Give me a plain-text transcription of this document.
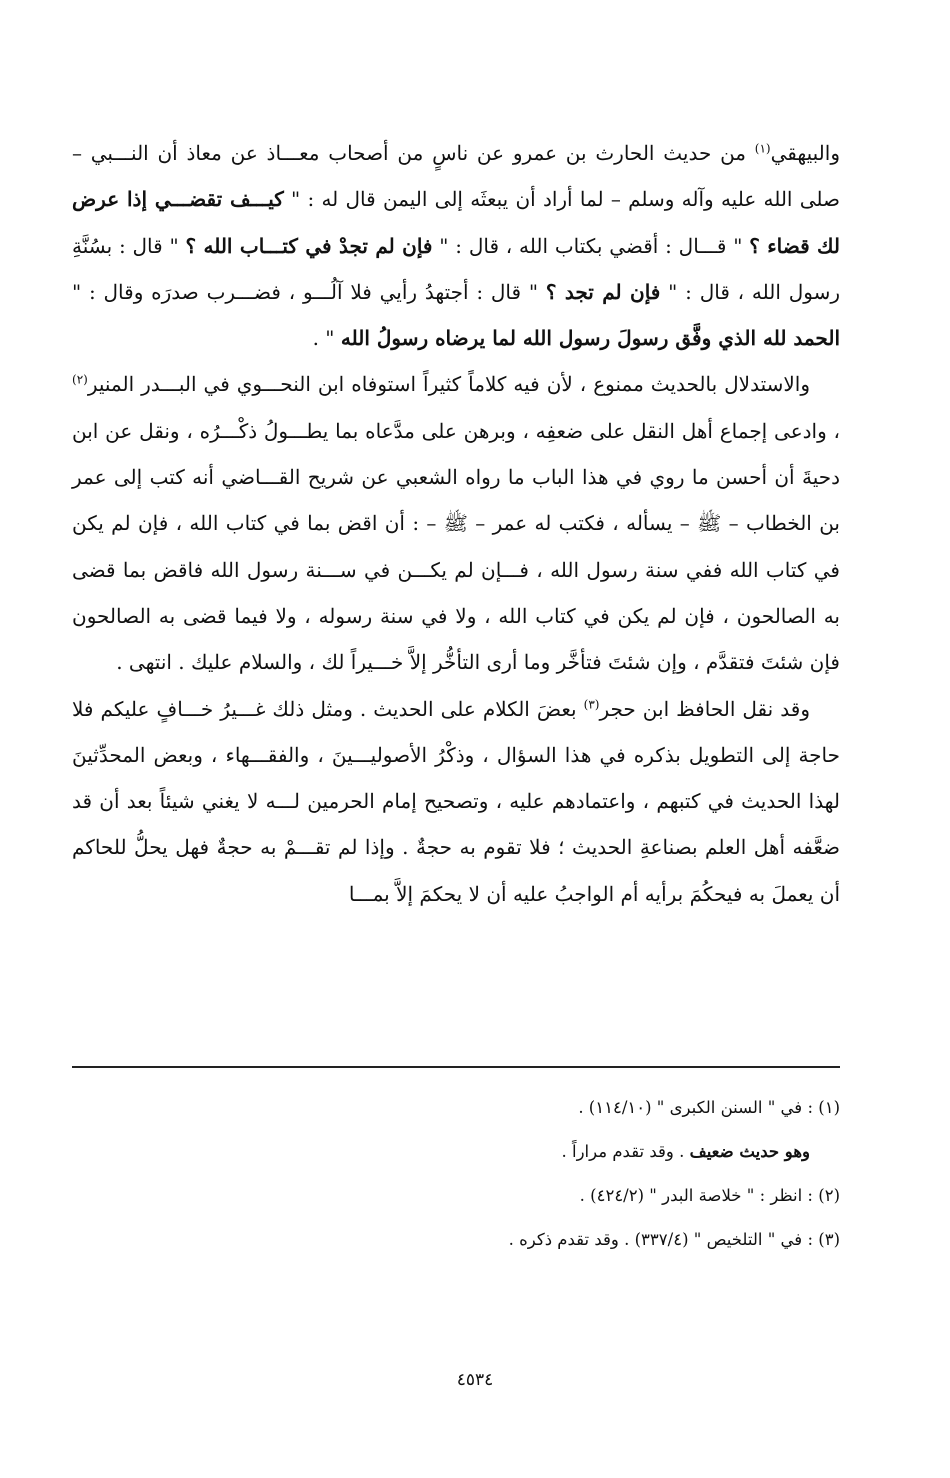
والبيهقي$^{(١)}$ من حديث الحارث بن عمرو عن ناسٍ من أصحاب معـــاذ عن معاذ أن النـــبي – صلى الله عليه وآله وسلم – لما أراد أن يبعثَه إلى اليمن قال له : " كيـــف تقضـــي إذا عرض لك قضاء ؟ " قـــال : أقضي بكتاب الله ، قال : " فإن لم تجدْ في كتـــاب الله ؟ " قال : بسُنَّةِ رسول الله ، قال : " فإن لم تجد ؟ " قال : أجتهدُ رأيي فلا آلُـــو ، فضـــرب صدرَه وقال : " الحمد لله الذي وفَّق رسولَ رسول الله لما يرضاه رسولُ الله " .

والاستدلال بالحديث ممنوع ، لأن فيه كلاماً كثيراً استوفاه ابن النحـــوي في البـــدر المنير$^{(٢)}$ ، وادعى إجماع أهل النقل على ضعفِه ، وبرهن على مدَّعاه بما يطـــولُ ذكْـــرُه ، ونقل عن ابن دحيةَ أن أحسن ما روي في هذا الباب ما رواه الشعبي عن شريح القـــاضي أنه كتب إلى عمر بن الخطاب – ﷺ – يسأله ، فكتب له عمر – ﷺ – : أن اقض بما في كتاب الله ، فإن لم يكن في كتاب الله ففي سنة رسول الله ، فـــإن لم يكـــن في ســـنة رسول الله فاقض بما قضى به الصالحون ، فإن لم يكن في كتاب الله ، ولا في سنة رسوله ، ولا فيما قضى به الصالحون فإن شئتَ فتقدَّم ، وإن شئتَ فتأخَّر وما أرى التأخُّر إلاَّ خـــيراً لك ، والسلام عليك . انتهى .

وقد نقل الحافظ ابن حجر$^{(٣)}$ بعضَ الكلام على الحديث . ومثل ذلك غـــيرُ خـــافٍ عليكم فلا حاجة إلى التطويل بذكره في هذا السؤال ، وذكْرُ الأصوليـــينَ ، والفقـــهاء ، وبعض المحدِّثينَ لهذا الحديث في كتبهم ، واعتمادهم عليه ، وتصحيح إمام الحرمين لـــه لا يغني شيئاً بعد أن قد ضعَّفه أهل العلم بصناعةِ الحديث ؛ فلا تقوم به حجةٌ . وإذا لم تقـــمْ به حجةٌ فهل يحلُّ للحاكم أن يعملَ به فيحكُمَ برأيه أم الواجبُ عليه أن لا يحكمَ إلاَّ بمـــا

(١) : في " السنن الكبرى " (١١٤/١٠) .

وهو حديث ضعيف . وقد تقدم مراراً .

(٢) : انظر : " خلاصة البدر " (٤٢٤/٢) .

(٣) : في " التلخيص " (٣٣٧/٤) . وقد تقدم ذكره .

٤٥٣٤
